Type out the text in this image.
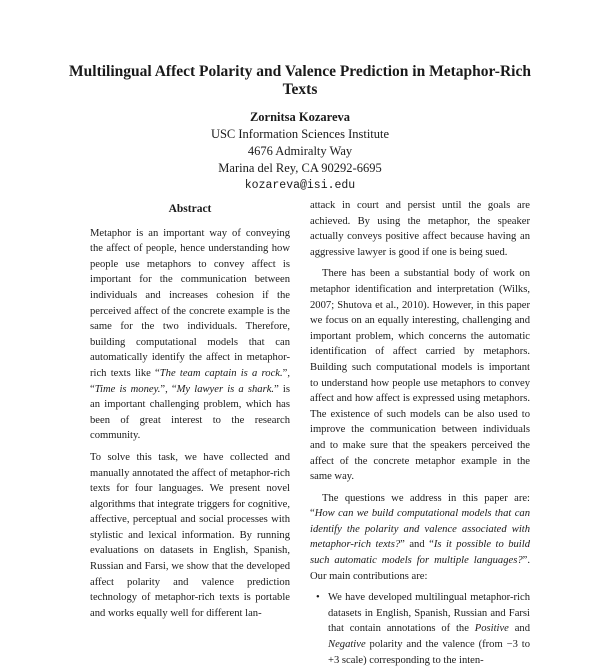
Multilingual Affect Polarity and Valence Prediction in Metaphor-Rich Texts
Zornitsa Kozareva
USC Information Sciences Institute
4676 Admiralty Way
Marina del Rey, CA 90292-6695
kozareva@isi.edu
Abstract

Metaphor is an important way of conveying the affect of people, hence understanding how people use metaphors to convey affect is important for the communication between individuals and increases cohesion if the perceived affect of the concrete example is the same for the two individuals. Therefore, building computational models that can automatically identify the affect in metaphor-rich texts like “The team captain is a rock.”, “Time is money.”, “My lawyer is a shark.” is an important challenging problem, which has been of great interest to the research community.

To solve this task, we have collected and manually annotated the affect of metaphor-rich texts for four languages. We present novel algorithms that integrate triggers for cognitive, affective, perceptual and social processes with stylistic and lexical information. By running evaluations on datasets in English, Spanish, Russian and Farsi, we show that the developed affect polarity and valence prediction technology of metaphor-rich texts is portable and works equally well for different lan-

attack in court and persist until the goals are achieved. By using the metaphor, the speaker actually conveys positive affect because having an aggressive lawyer is good if one is being sued.

There has been a substantial body of work on metaphor identification and interpretation (Wilks, 2007; Shutova et al., 2010). However, in this paper we focus on an equally interesting, challenging and important problem, which concerns the automatic identification of affect carried by metaphors. Building such computational models is important to understand how people use metaphors to convey affect and how affect is expressed using metaphors. The existence of such models can be also used to improve the communication between individuals and to make sure that the speakers perceived the affect of the concrete metaphor example in the same way.

The questions we address in this paper are: “How can we build computational models that can identify the polarity and valence associated with metaphor-rich texts?” and “Is it possible to build such automatic models for multiple languages?”. Our main contributions are:

• We have developed multilingual metaphor-rich datasets in English, Spanish, Russian and Farsi that contain annotations of the Positive and Negative polarity and the valence (from −3 to +3 scale) corresponding to the inten-
